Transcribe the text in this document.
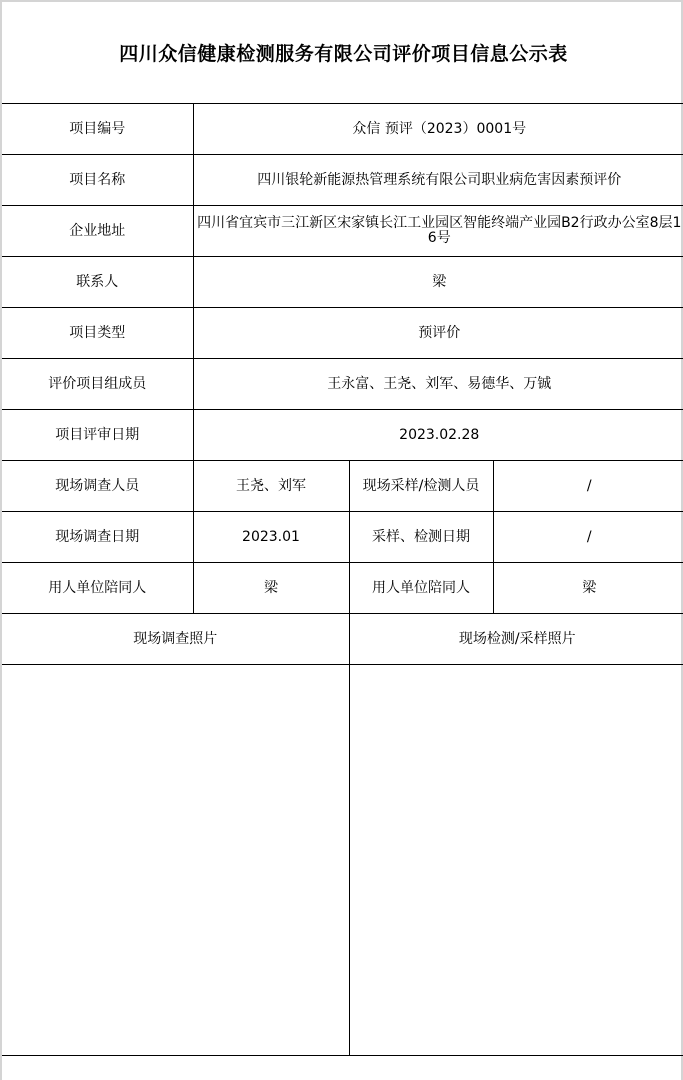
四川众信健康检测服务有限公司评价项目信息公示表
项目编号	众信 预评（2023）0001号		
项目名称	四川银轮新能源热管理系统有限公司职业病危害因素预评价		
企业地址	四川省宜宾市三江新区宋家镇长江工业园区智能终端产业园B2行政办公室8层16号		
联系人	梁		
项目类型	预评价		
评价项目组成员	王永富、王尧、刘军、易德华、万铖		
项目评审日期	2023.02.28		
现场调查人员	王尧、刘军	现场采样/检测人员	/
现场调查日期	2023.01	采样、检测日期	/
用人单位陪同人	梁	用人单位陪同人	梁
现场调查照片		现场检测/采样照片	
